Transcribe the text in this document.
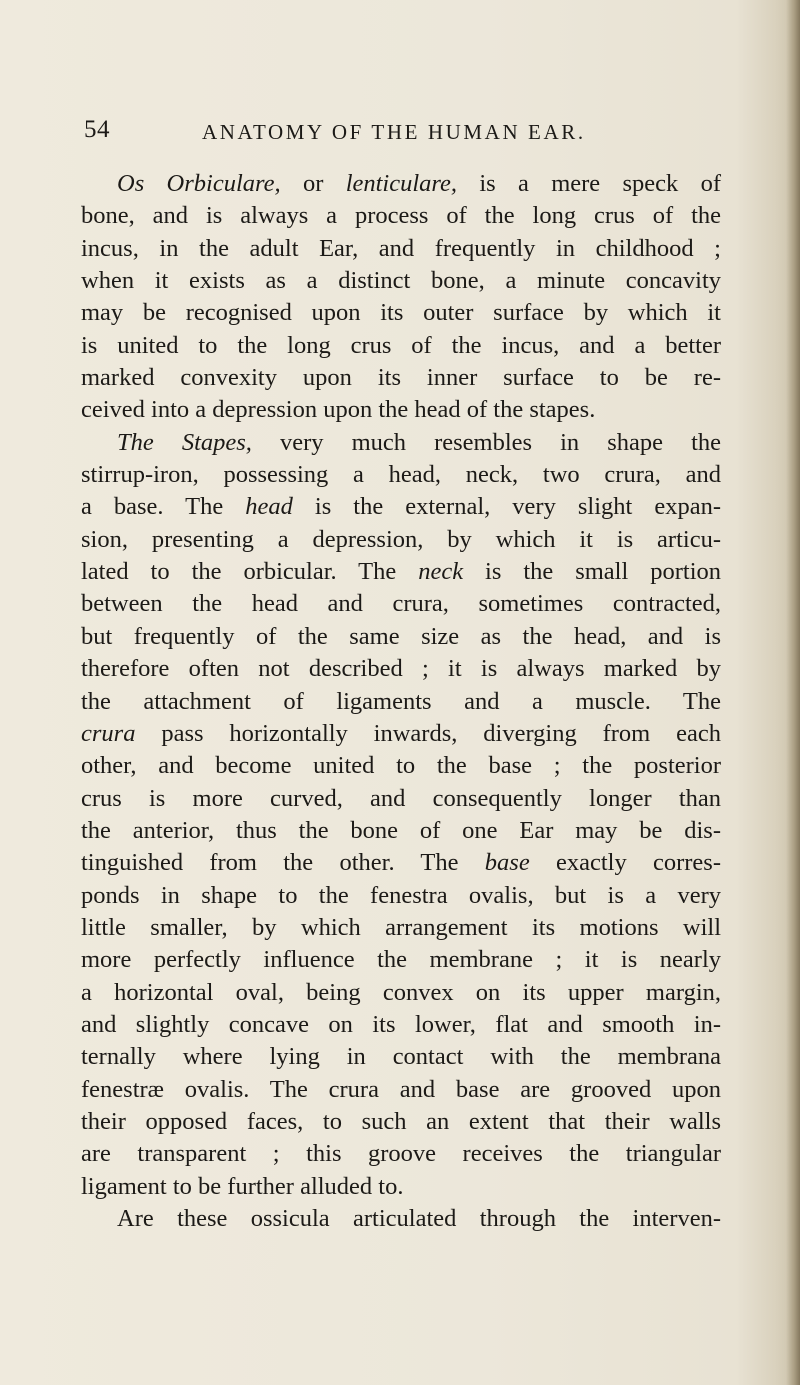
54	ANATOMY OF THE HUMAN EAR.
Os Orbiculare, or lenticulare, is a mere speck of
bone, and is always a process of the long crus of the
incus, in the adult Ear, and frequently in childhood ;
when it exists as a distinct bone, a minute concavity
may be recognised upon its outer surface by which it
is united to the long crus of the incus, and a better
marked convexity upon its inner surface to be re-
ceived into a depression upon the head of the stapes.
The Stapes, very much resembles in shape the
stirrup-iron, possessing a head, neck, two crura, and
a base. The head is the external, very slight expan-
sion, presenting a depression, by which it is articu-
lated to the orbicular. The neck is the small portion
between the head and crura, sometimes contracted,
but frequently of the same size as the head, and is
therefore often not described ; it is always marked by
the attachment of ligaments and a muscle. The
crura pass horizontally inwards, diverging from each
other, and become united to the base ; the posterior
crus is more curved, and consequently longer than
the anterior, thus the bone of one Ear may be dis-
tinguished from the other. The base exactly corres-
ponds in shape to the fenestra ovalis, but is a very
little smaller, by which arrangement its motions will
more perfectly influence the membrane ; it is nearly
a horizontal oval, being convex on its upper margin,
and slightly concave on its lower, flat and smooth in-
ternally where lying in contact with the membrana
fenestræ ovalis. The crura and base are grooved upon
their opposed faces, to such an extent that their walls
are transparent ; this groove receives the triangular
ligament to be further alluded to.
Are these ossicula articulated through the interven-
